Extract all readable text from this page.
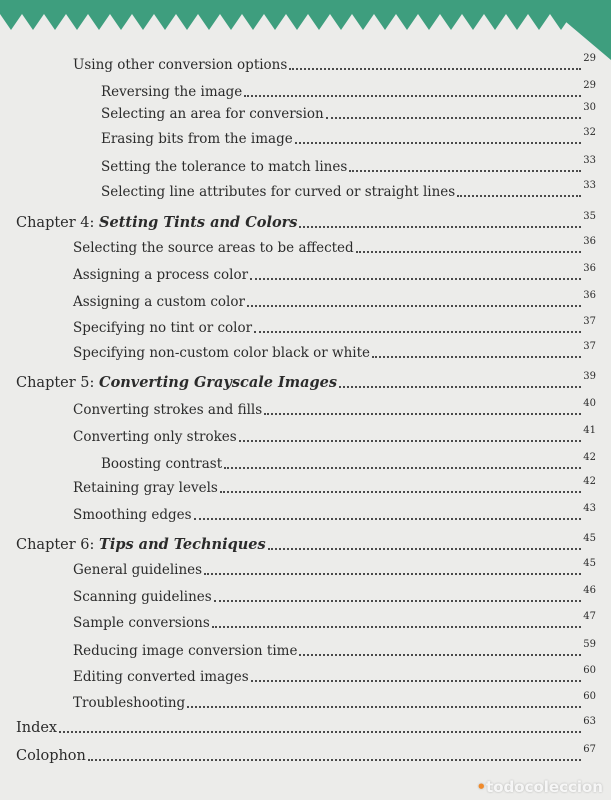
Using other conversion options	29
Reversing the image	29
Selecting an area for conversion	30
Erasing bits from the image	32
Setting the tolerance to match lines	33
Selecting line attributes for curved or straight lines	33
Chapter 4: Setting Tints and Colors	35
Selecting the source areas to be affected	36
Assigning a process color	36
Assigning a custom color	36
Specifying no tint or color	37
Specifying non-custom color black or white	37
Chapter 5: Converting Grayscale Images	39
Converting strokes and fills	40
Converting only strokes	41
Boosting contrast	42
Retaining gray levels	42
Smoothing edges	43
Chapter 6: Tips and Techniques	45
General guidelines	45
Scanning guidelines	46
Sample conversions	47
Reducing image conversion time	59
Editing converted images	60
Troubleshooting	60
Index	63
Colophon	67
• todocoleccion
